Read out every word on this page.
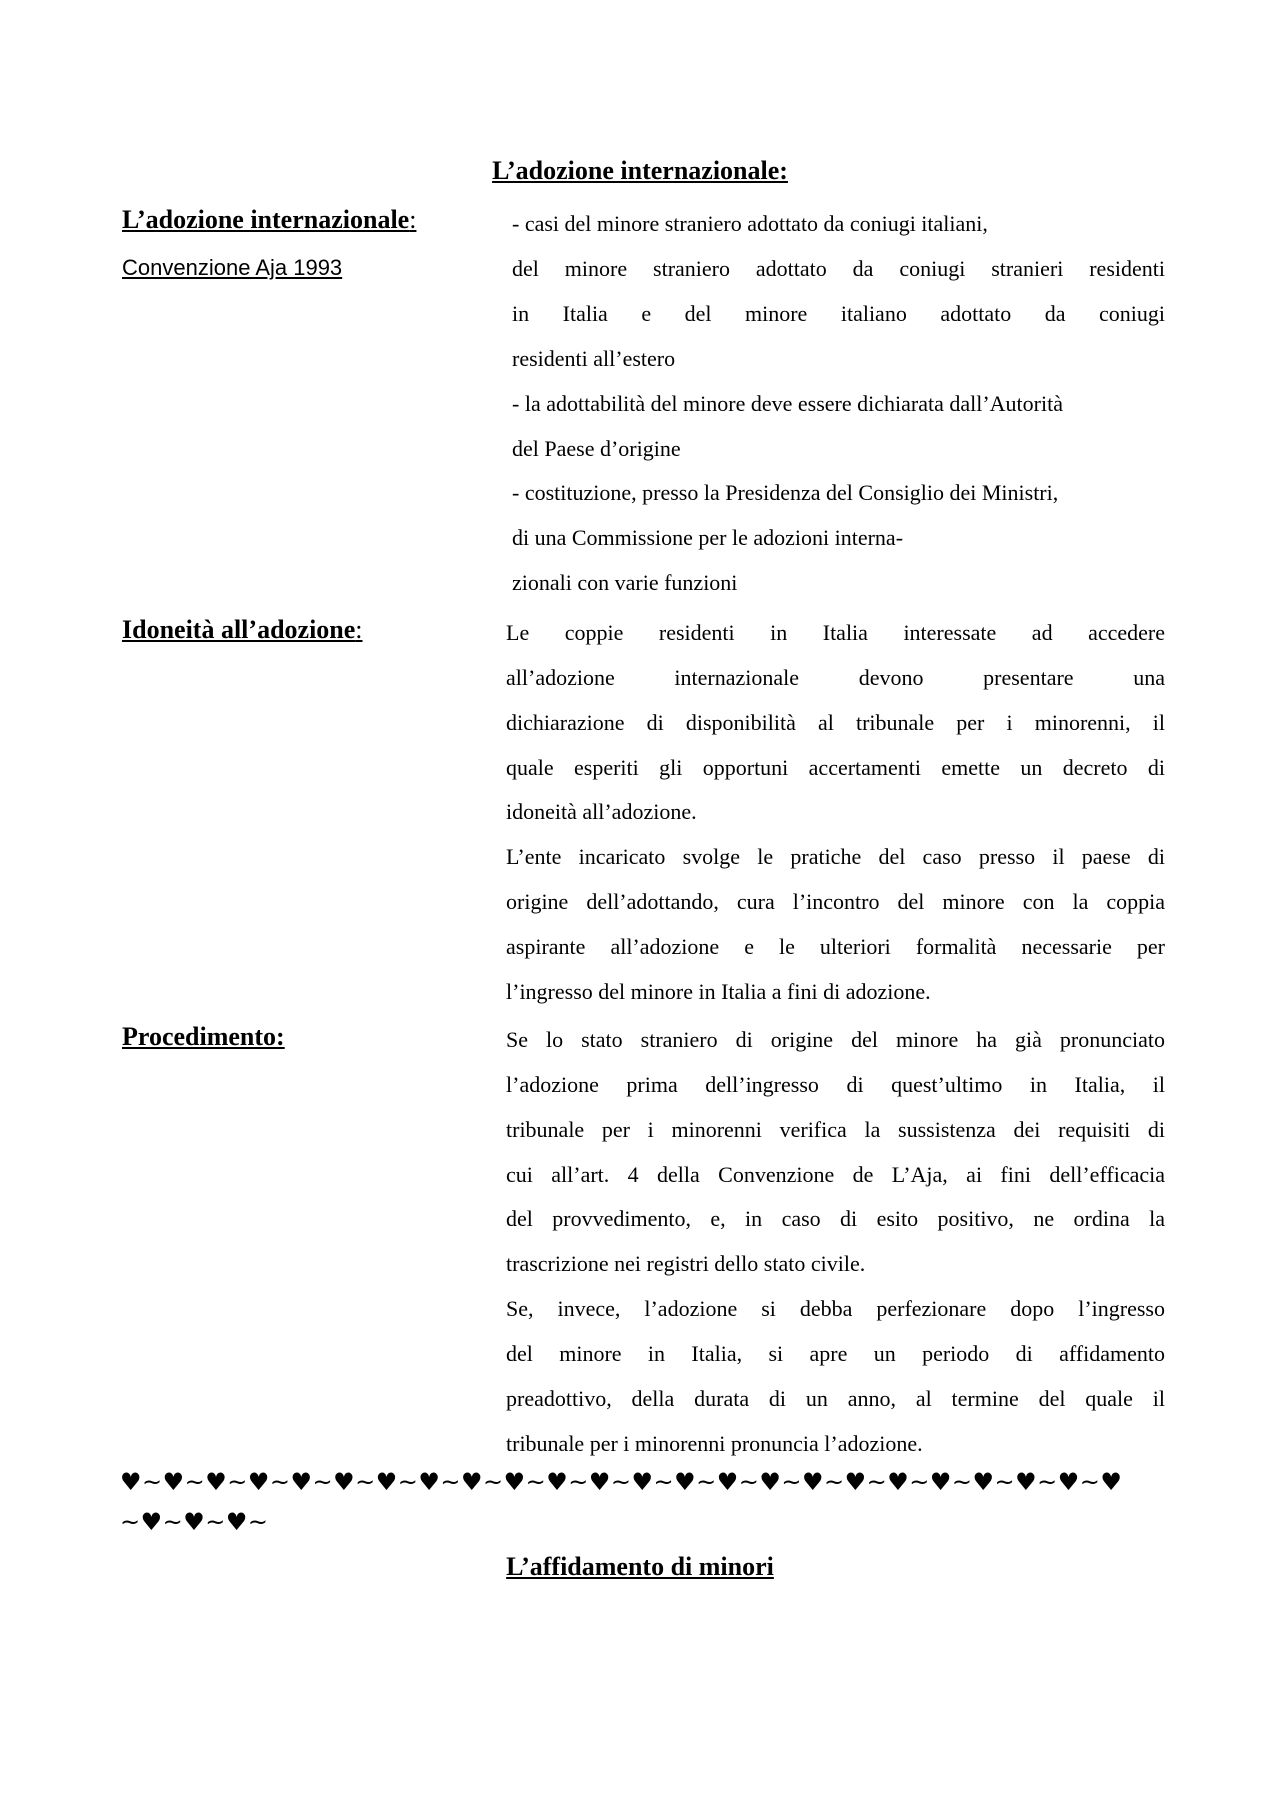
L’adozione internazionale:
L’adozione internazionale:
Convenzione Aja 1993
- casi del minore straniero adottato da coniugi italiani,
del minore straniero adottato da coniugi stranieri residenti
in Italia e del minore italiano adottato da coniugi
residenti all’estero
- la adottabilità del minore deve essere dichiarata dall’Autorità
del Paese d’origine
- costituzione, presso la Presidenza del Consiglio dei Ministri,
di una Commissione per le adozioni interna-
zionali con varie funzioni
Idoneità all’adozione:	Le coppie residenti in Italia interessate ad accedere
all’adozione internazionale devono presentare una
dichiarazione di disponibilità al tribunale per i minorenni, il
quale esperiti gli opportuni accertamenti emette un decreto di
idoneità all’adozione.
L’ente incaricato svolge le pratiche del caso presso il paese di
origine dell’adottando, cura l’incontro del minore con la coppia
aspirante all’adozione e le ulteriori formalità necessarie per
l’ingresso del minore in Italia a fini di adozione.
Procedimento:	Se lo stato straniero di origine del minore ha già pronunciato
l’adozione prima dell’ingresso di quest’ultimo in Italia, il
tribunale per i minorenni verifica la sussistenza dei requisiti di
cui all’art. 4 della Convenzione de L’Aja, ai fini dell’efficacia
del provvedimento, e, in caso di esito positivo, ne ordina la
trascrizione nei registri dello stato civile.
Se, invece, l’adozione si debba perfezionare dopo l’ingresso
del minore in Italia, si apre un periodo di affidamento
preadottivo, della durata di un anno, al termine del quale il
tribunale per i minorenni pronuncia l’adozione.
♥~♥~♥~♥~♥~♥~♥~♥~♥~♥~♥~♥~♥~♥~♥~♥~♥~♥~♥~♥~♥~♥~♥~♥
~♥~♥~♥~
L’affidamento di minori
